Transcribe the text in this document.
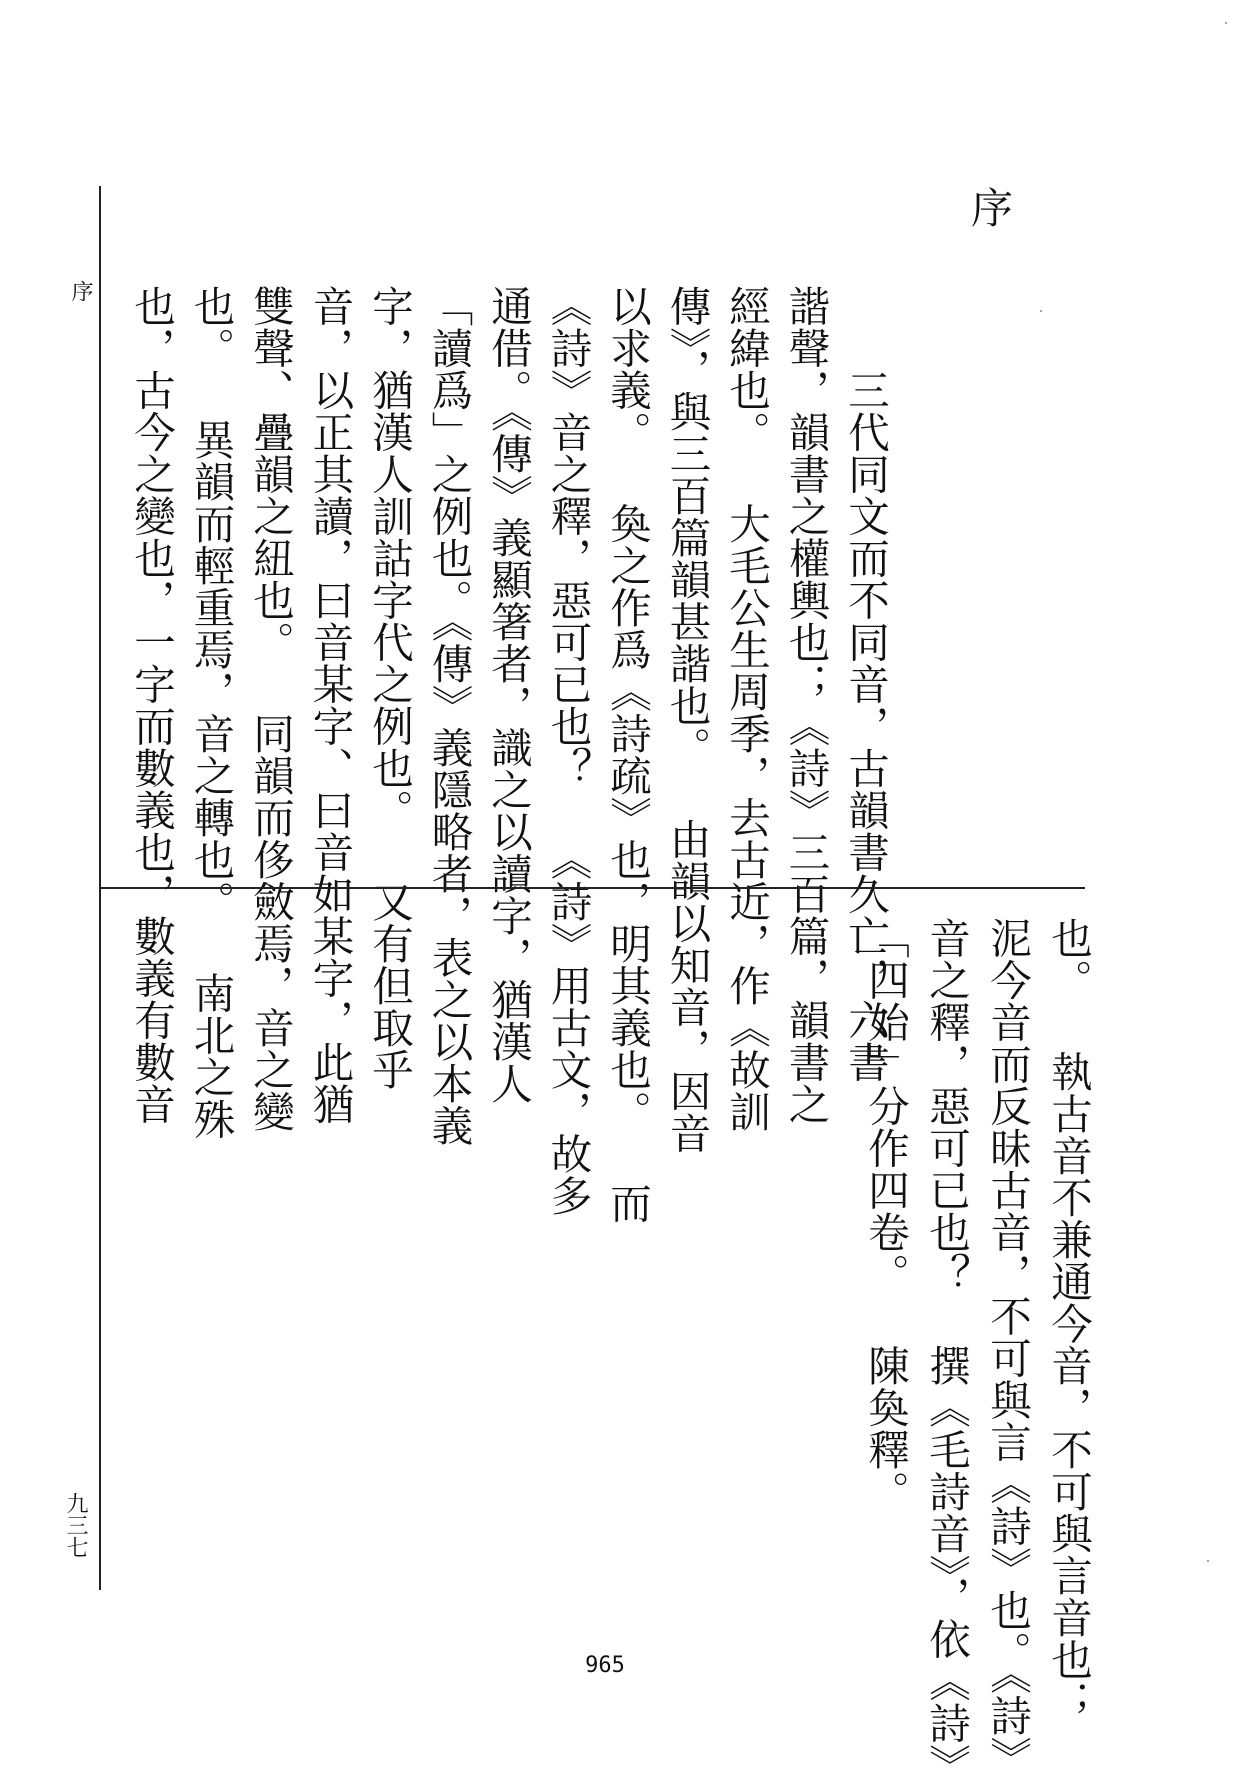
序
三代同文而不同音，古韻書久亡，六書
諧聲，韻書之權輿也；《詩》三百篇，韻書之
經緯也。 大毛公生周季，去古近，作《故訓
傳》，與三百篇韻甚諧也。 由韻以知音，因音
以求義。 奐之作爲《詩疏》也，明其義也。 而
《詩》音之釋，惡可已也？ 《詩》用古文，故多
通借。《傳》義顯箸者，識之以讀字，猶漢人
「讀爲」之例也。《傳》義隱略者，表之以本義
字，猶漢人訓詁字代之例也。 又有但取乎
音，以正其讀，曰音某字、曰音如某字，此猶
雙聲、疊韻之紐也。 同韻而侈斂焉，音之變
也。 異韻而輕重焉，音之轉也。 南北之殊
也，古今之變也，一字而數義也，數義有數音
也。 執古音不兼通今音，不可與言音也；
泥今音而反昧古音，不可與言《詩》也。《詩》
音之釋，惡可已也？ 撰《毛詩音》，依《詩》
「四始」分作四卷。 陳奐釋。
序
九三七
965
